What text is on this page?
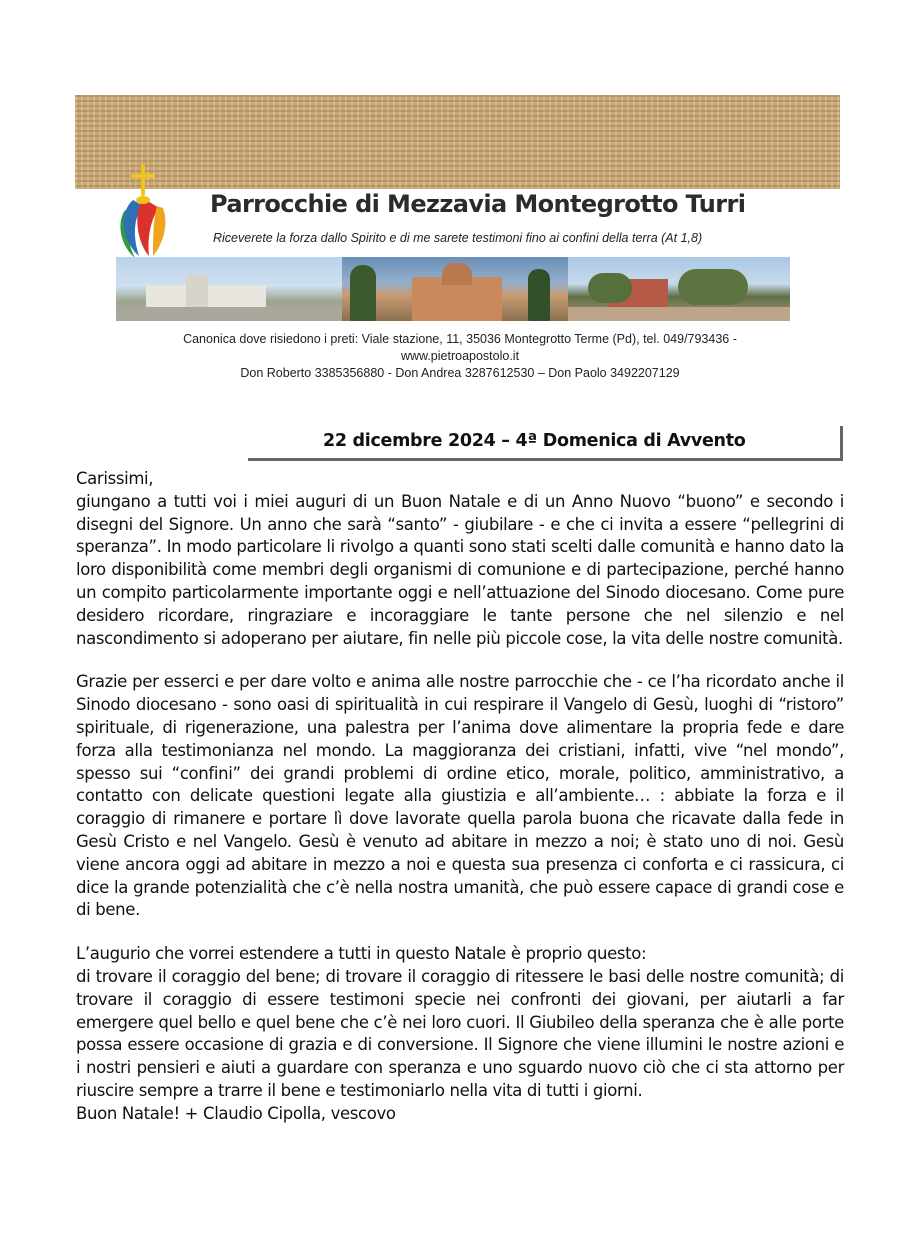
Parrocchie di Mezzavia Montegrotto Turri
Riceverete la forza dallo Spirito e di me sarete testimoni fino ai confini della terra (At 1,8)
Canonica dove risiedono i preti: Viale stazione, 11, 35036 Montegrotto Terme (Pd), tel. 049/793436 -
www.pietroapostolo.it
Don Roberto 3385356880 - Don Andrea 3287612530 – Don Paolo 3492207129
22 dicembre 2024 – 4ª Domenica di Avvento

Carissimi,

giungano a tutti voi i miei auguri di un Buon Natale e di un Anno Nuovo “buono” e secondo i disegni del Signore. Un anno che sarà “santo” - giubilare - e che ci invita a essere “pellegrini di speranza”. In modo particolare li rivolgo a quanti sono stati scelti dalle comunità e hanno dato la loro disponibilità come membri degli organismi di comunione e di partecipazione, perché hanno un compito particolarmente importante oggi e nell’attuazione del Sinodo diocesano. Come pure desidero ricordare, ringraziare e incoraggiare le tante persone che nel silenzio e nel nascondimento si adoperano per aiutare, fin nelle più piccole cose, la vita delle nostre comunità.

Grazie per esserci e per dare volto e anima alle nostre parrocchie che - ce l’ha ricordato anche il Sinodo diocesano - sono oasi di spiritualità in cui respirare il Vangelo di Gesù, luoghi di “ristoro” spirituale, di rigenerazione, una palestra per l’anima dove alimentare la propria fede e dare forza alla testimonianza nel mondo. La maggioranza dei cristiani, infatti, vive “nel mondo”, spesso sui “confini” dei grandi problemi di ordine etico, morale, politico, amministrativo, a contatto con delicate questioni legate alla giustizia e all’ambiente… : abbiate la forza e il coraggio di rimanere e portare lì dove lavorate quella parola buona che ricavate dalla fede in Gesù Cristo e nel Vangelo. Gesù è venuto ad abitare in mezzo a noi; è stato uno di noi. Gesù viene ancora oggi ad abitare in mezzo a noi e questa sua presenza ci conforta e ci rassicura, ci dice la grande potenzialità che c’è nella nostra umanità, che può essere capace di grandi cose e di bene.

L’augurio che vorrei estendere a tutti in questo Natale è proprio questo:

di trovare il coraggio del bene; di trovare il coraggio di ritessere le basi delle nostre comunità; di trovare il coraggio di essere testimoni specie nei confronti dei giovani, per aiutarli a far emergere quel bello e quel bene che c’è nei loro cuori. Il Giubileo della speranza che è alle porte possa essere occasione di grazia e di conversione. Il Signore che viene illumini le nostre azioni e i nostri pensieri e aiuti a guardare con speranza e uno sguardo nuovo ciò che ci sta attorno per riuscire sempre a trarre il bene e testimoniarlo nella vita di tutti i giorni.

Buon Natale! + Claudio Cipolla, vescovo
